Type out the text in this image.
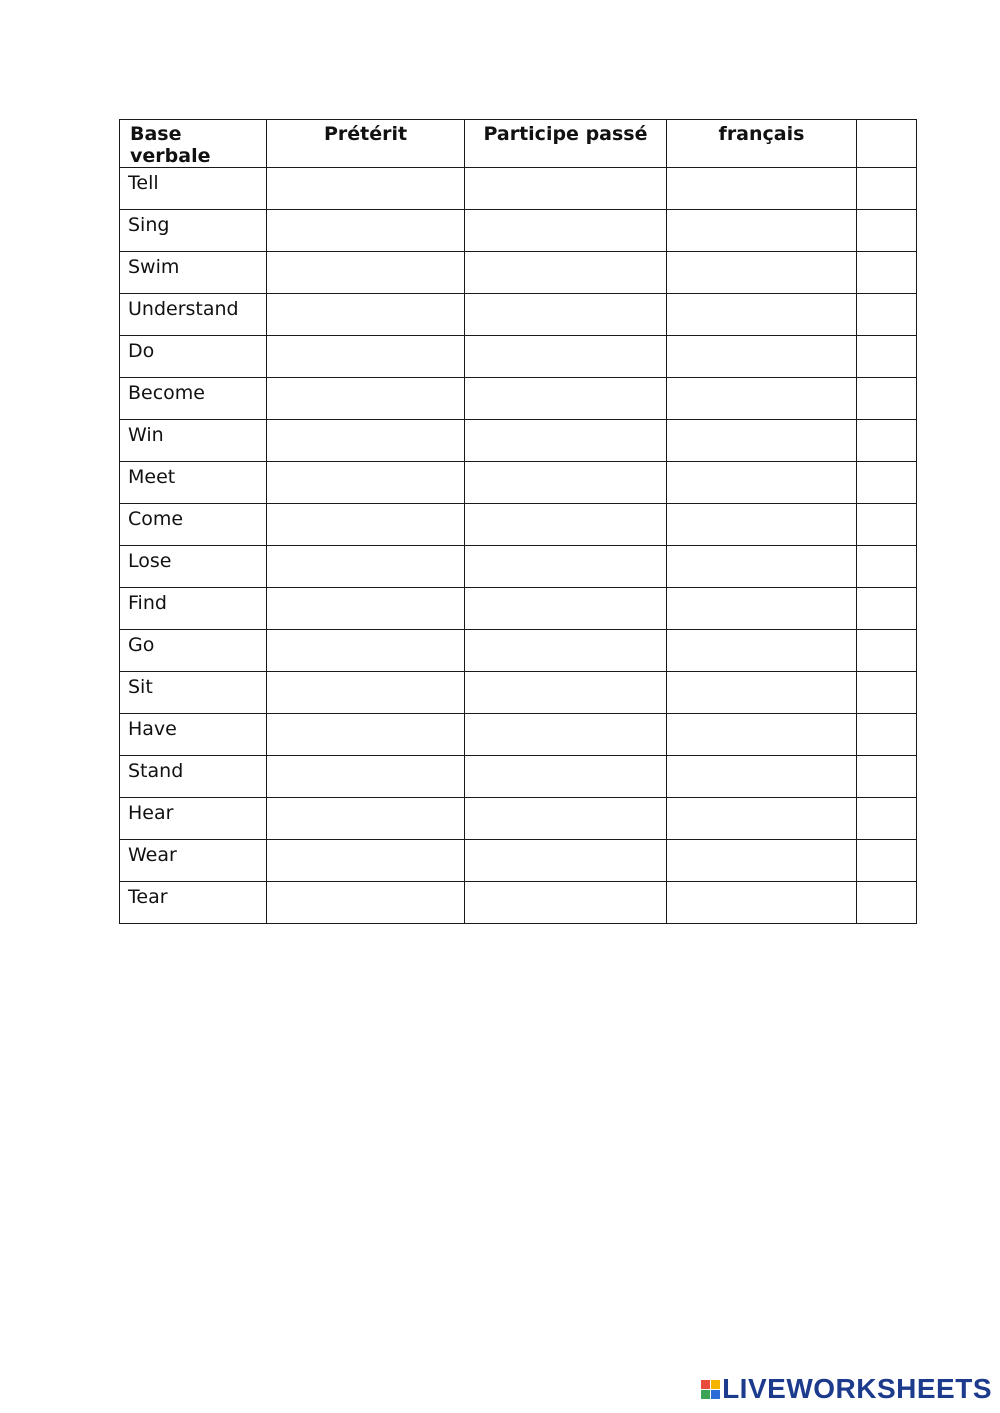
Base verbale	Prétérit	Participe passé	français	
Tell				
Sing				
Swim				
Understand				
Do				
Become				
Win				
Meet				
Come				
Lose				
Find				
Go				
Sit				
Have				
Stand				
Hear				
Wear				
Tear				
LIVEWORKSHEETS
